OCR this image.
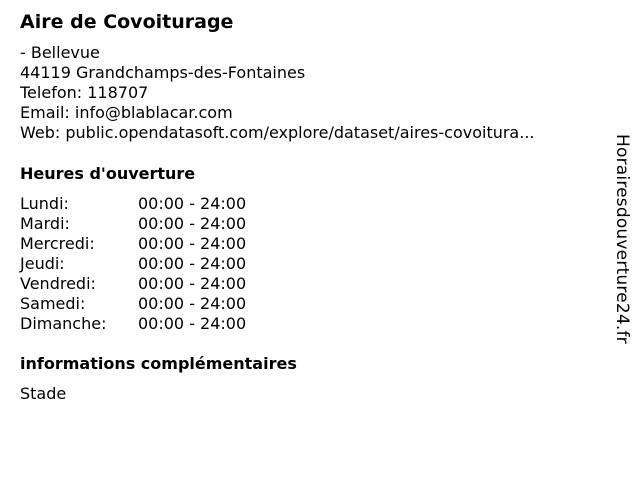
Aire de Covoiturage
- Bellevue
44119 Grandchamps-des-Fontaines
Telefon: 118707
Email: info@blablacar.com
Web: public.opendatasoft.com/explore/dataset/aires-covoitura...
Heures d'ouverture
Lundi:	00:00 - 24:00
Mardi:	00:00 - 24:00
Mercredi:	00:00 - 24:00
Jeudi:	00:00 - 24:00
Vendredi:	00:00 - 24:00
Samedi:	00:00 - 24:00
Dimanche: 00:00 - 24:00
informations complémentaires
Stade
Horairesdouverture24.fr
